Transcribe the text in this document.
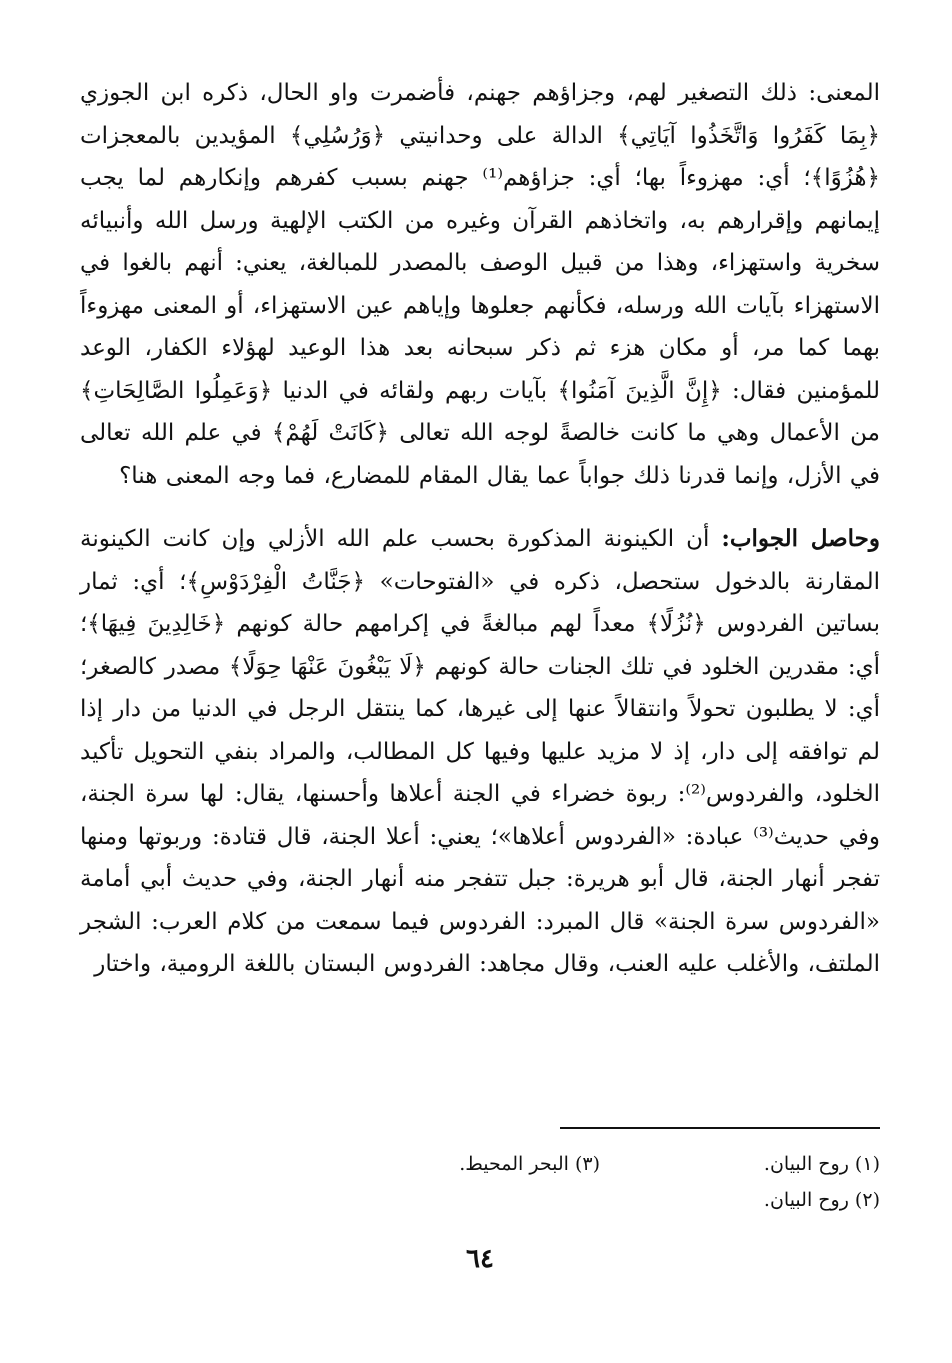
المعنى: ذلك التصغير لهم، وجزاؤهم جهنم، فأضمرت واو الحال، ذكره ابن الجوزي ﴿بِمَا كَفَرُوا وَاتَّخَذُوا آيَاتِي﴾ الدالة على وحدانيتي ﴿وَرُسُلِي﴾ المؤيدين بالمعجزات ﴿هُزُوًا﴾؛ أي: مهزوءاً بها؛ أي: جزاؤهم⁽¹⁾ جهنم بسبب كفرهم وإنكارهم لما يجب إيمانهم وإقرارهم به، واتخاذهم القرآن وغيره من الكتب الإلهية ورسل الله وأنبيائه سخرية واستهزاء، وهذا من قبيل الوصف بالمصدر للمبالغة، يعني: أنهم بالغوا في الاستهزاء بآيات الله ورسله، فكأنهم جعلوها وإياهم عين الاستهزاء، أو المعنى مهزوءاً بهما كما مر، أو مكان هزء ثم ذكر سبحانه بعد هذا الوعيد لهؤلاء الكفار، الوعد للمؤمنين فقال: ﴿إِنَّ الَّذِينَ آمَنُوا﴾ بآيات ربهم ولقائه في الدنيا ﴿وَعَمِلُوا الصَّالِحَاتِ﴾ من الأعمال وهي ما كانت خالصةً لوجه الله تعالى ﴿كَانَتْ لَهُمْ﴾ في علم الله تعالى في الأزل، وإنما قدرنا ذلك جواباً عما يقال المقام للمضارع، فما وجه المعنى هنا؟

وحاصل الجواب: أن الكينونة المذكورة بحسب علم الله الأزلي وإن كانت الكينونة المقارنة بالدخول ستحصل، ذكره في «الفتوحات» ﴿جَنَّاتُ الْفِرْدَوْسِ﴾؛ أي: ثمار بساتين الفردوس ﴿نُزُلًا﴾ معداً لهم مبالغةً في إكرامهم حالة كونهم ﴿خَالِدِينَ فِيهَا﴾؛ أي: مقدرين الخلود في تلك الجنات حالة كونهم ﴿لَا يَبْغُونَ عَنْهَا حِوَلًا﴾ مصدر كالصغر؛ أي: لا يطلبون تحولاً وانتقالاً عنها إلى غيرها، كما ينتقل الرجل في الدنيا من دار إذا لم توافقه إلى دار، إذ لا مزيد عليها وفيها كل المطالب، والمراد بنفي التحويل تأكيد الخلود، والفردوس⁽²⁾: ربوة خضراء في الجنة أعلاها وأحسنها، يقال: لها سرة الجنة، وفي حديث⁽³⁾ عبادة: «الفردوس أعلاها»؛ يعني: أعلا الجنة، قال قتادة: وربوتها ومنها تفجر أنهار الجنة، قال أبو هريرة: جبل تتفجر منه أنهار الجنة، وفي حديث أبي أمامة «الفردوس سرة الجنة» قال المبرد: الفردوس فيما سمعت من كلام العرب: الشجر الملتف، والأغلب عليه العنب، وقال مجاهد: الفردوس البستان باللغة الرومية، واختار

(١) روح البيان.
(٣) البحر المحيط.
(٢) روح البيان.
٦٤
